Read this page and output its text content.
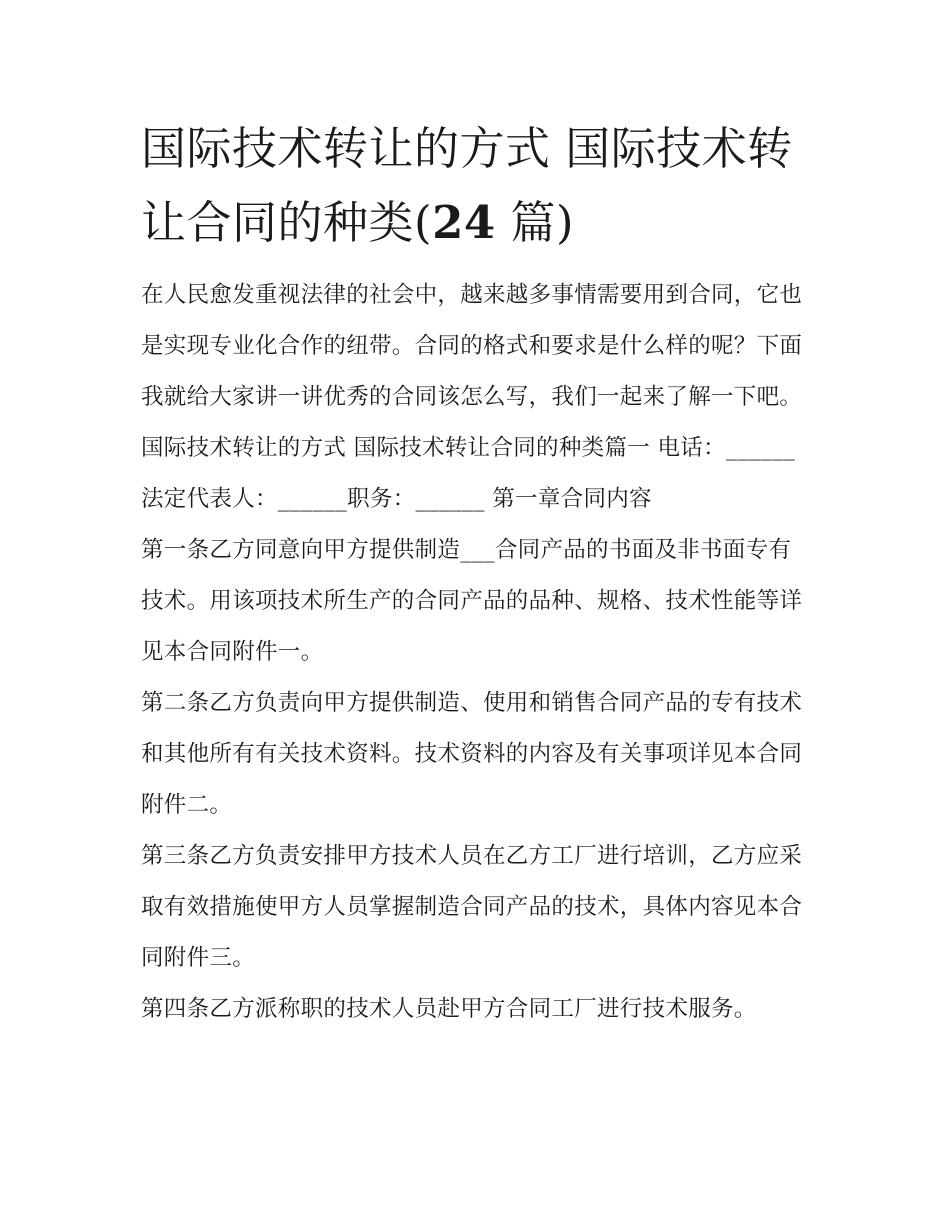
国际技术转让的方式 国际技术转让合同的种类(24 篇)

在人民愈发重视法律的社会中，越来越多事情需要用到合同，它也是实现专业化合作的纽带。合同的格式和要求是什么样的呢？下面我就给大家讲一讲优秀的合同该怎么写，我们一起来了解一下吧。

国际技术转让的方式 国际技术转让合同的种类篇一 电话：______法定代表人：______职务：______ 第一章合同内容

第一条乙方同意向甲方提供制造___合同产品的书面及非书面专有技术。用该项技术所生产的合同产品的品种、规格、技术性能等详见本合同附件一。

第二条乙方负责向甲方提供制造、使用和销售合同产品的专有技术和其他所有有关技术资料。技术资料的内容及有关事项详见本合同附件二。

第三条乙方负责安排甲方技术人员在乙方工厂进行培训，乙方应采取有效措施使甲方人员掌握制造合同产品的技术，具体内容见本合同附件三。

第四条乙方派称职的技术人员赴甲方合同工厂进行技术服务。
